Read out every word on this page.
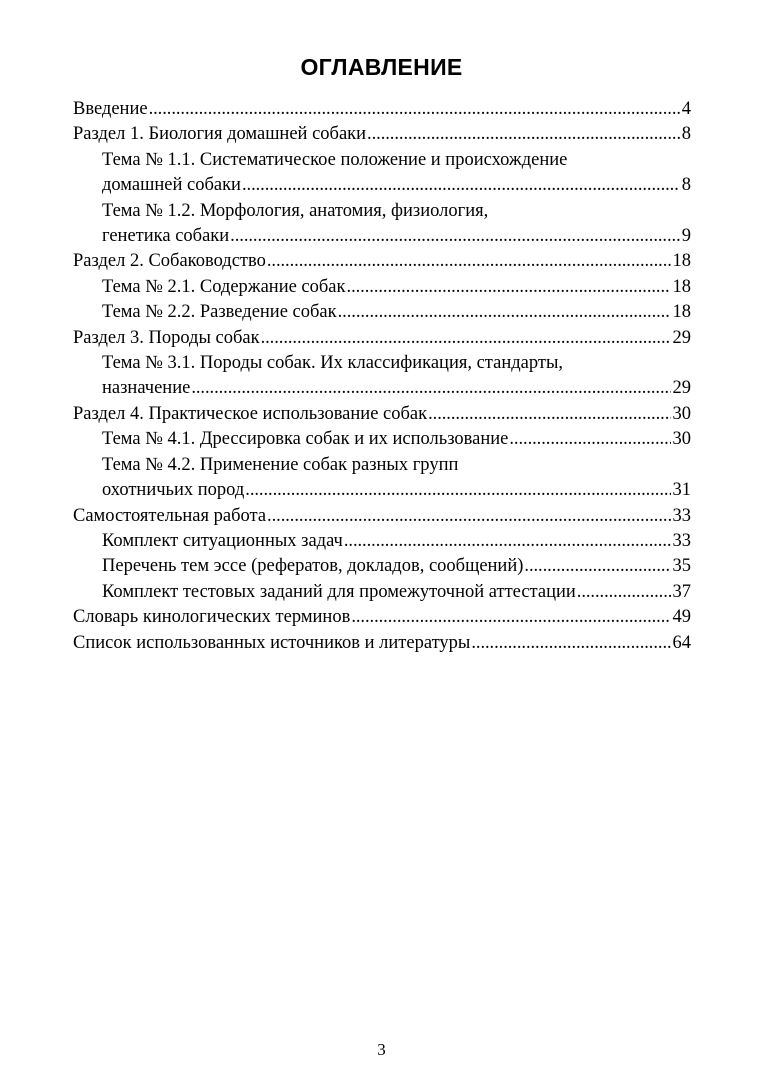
ОГЛАВЛЕНИЕ
Введение . . .	4
Раздел 1. Биология домашней собаки . . .	8
Тема № 1.1. Систематическое положение и происхождение
домашней собаки . . .	8
Тема № 1.2. Морфология, анатомия, физиология,
генетика собаки . . .	9
Раздел 2. Собаководство . . .	18
Тема № 2.1. Содержание собак . . .	18
Тема № 2.2. Разведение собак . . .	18
Раздел 3. Породы собак . . .	29
Тема № 3.1. Породы собак. Их классификация, стандарты,
назначение . . .	29
Раздел 4. Практическое использование собак . . .	30
Тема № 4.1. Дрессировка собак и их использование . . .	30
Тема № 4.2. Применение собак разных групп
охотничьих пород . . .	31
Самостоятельная работа . . .	33
Комплект ситуационных задач . . .	33
Перечень тем эссе (рефератов, докладов, сообщений) . . .	35
Комплект тестовых заданий для промежуточной аттестации . . .	37
Словарь кинологических терминов . . .	49
Список использованных источников и литературы . . .	64
3
